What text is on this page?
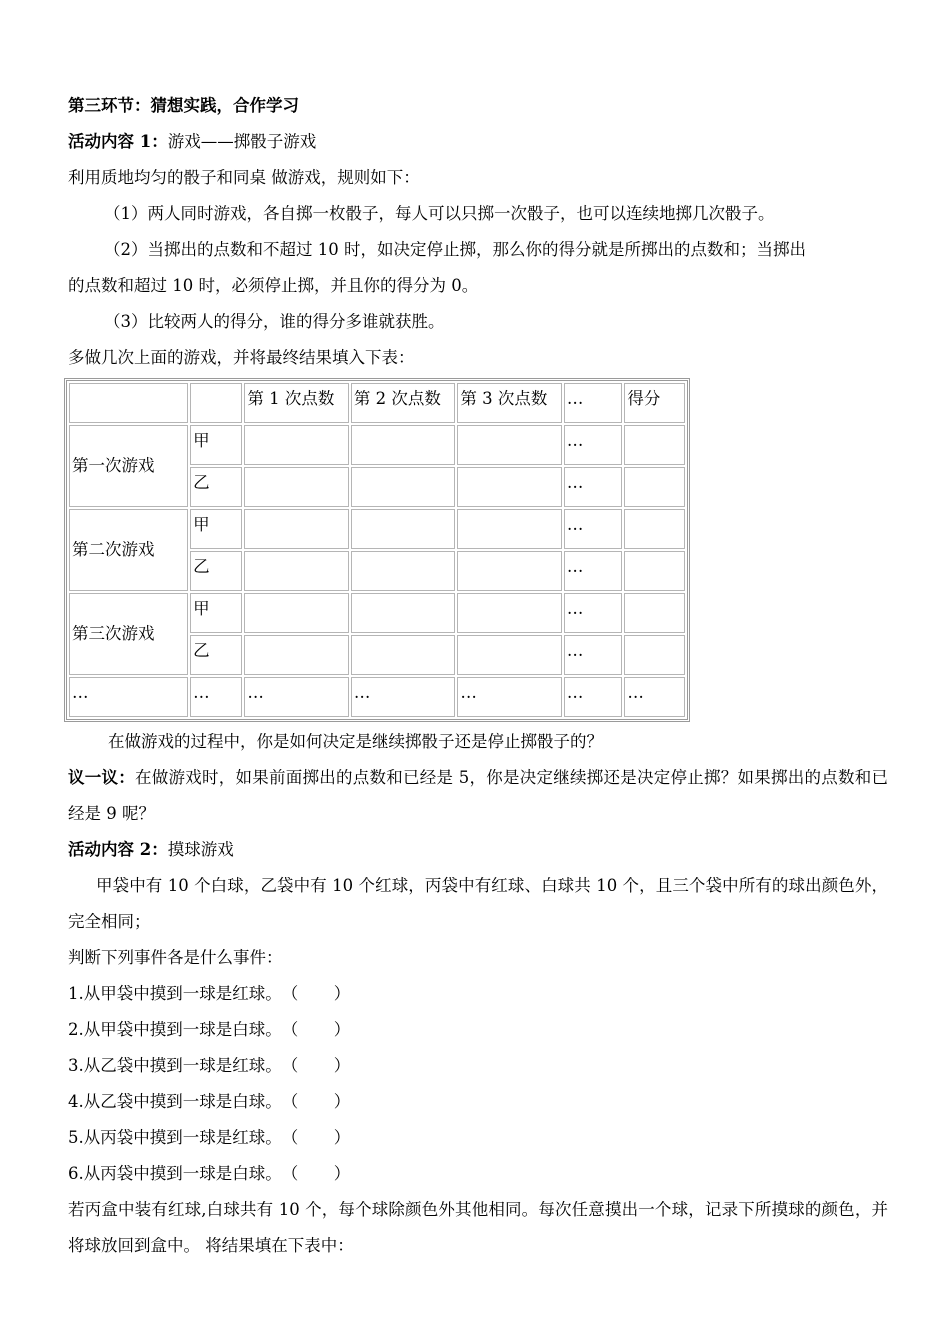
第三环节：猜想实践，合作学习

活动内容 1：游戏——掷骰子游戏

利用质地均匀的骰子和同桌 做游戏，规则如下：

（1）两人同时游戏，各自掷一枚骰子，每人可以只掷一次骰子，也可以连续地掷几次骰子。

（2）当掷出的点数和不超过 10 时，如决定停止掷，那么你的得分就是所掷出的点数和；当掷出

的点数和超过 10 时，必须停止掷，并且你的得分为 0。

（3）比较两人的得分，谁的得分多谁就获胜。

多做几次上面的游戏，并将最终结果填入下表：

		第 1 次点数	第 2 次点数	第 3 次点数	…	得分
第一次游戏	甲				…	
	乙				…	
第二次游戏	甲				…	
	乙				…	
第三次游戏	甲				…	
	乙				…	
…	…	…	…	…	…	…

在做游戏的过程中，你是如何决定是继续掷骰子还是停止掷骰子的？

议一议：在做游戏时，如果前面掷出的点数和已经是 5，你是决定继续掷还是决定停止掷？如果掷出的点数和已经是 9 呢？

活动内容 2：摸球游戏

甲袋中有 10 个白球，乙袋中有 10 个红球，丙袋中有红球、白球共 10 个，且三个袋中所有的球出颜色外，完全相同；

判断下列事件各是什么事件：

1.从甲袋中摸到一球是红球。（ ）

2.从甲袋中摸到一球是白球。（ ）

3.从乙袋中摸到一球是红球。（ ）

4.从乙袋中摸到一球是白球。（ ）

5.从丙袋中摸到一球是红球。（ ）

6.从丙袋中摸到一球是白球。（ ）

若丙盒中装有红球,白球共有 10 个，每个球除颜色外其他相同。每次任意摸出一个球，记录下所摸球的颜色，并将球放回到盒中。 将结果填在下表中：
